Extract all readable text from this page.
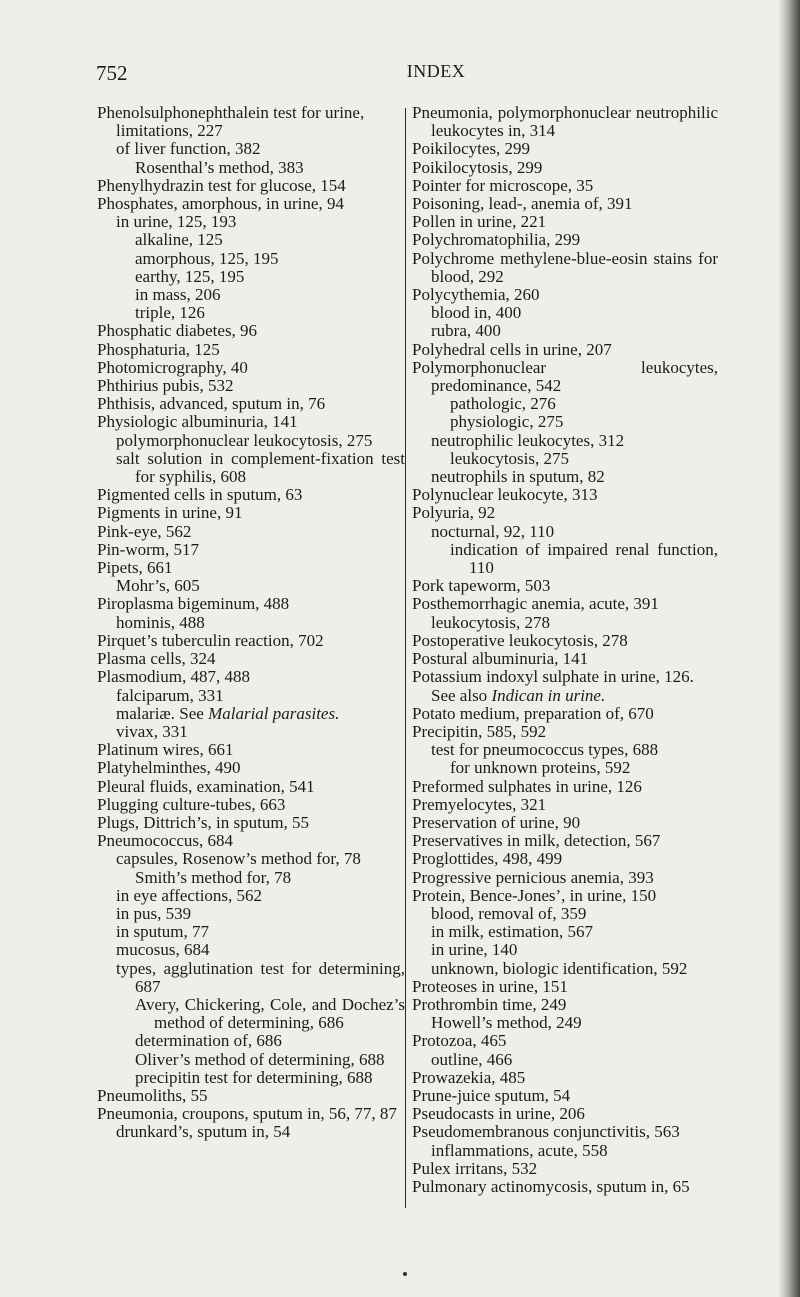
752	INDEX

Phenolsulphonephthalein test for urine,

limitations, 227

of liver function, 382

Rosenthal’s method, 383

Phenylhydrazin test for glucose, 154

Phosphates, amorphous, in urine, 94

in urine, 125, 193

alkaline, 125

amorphous, 125, 195

earthy, 125, 195

in mass, 206

triple, 126

Phosphatic diabetes, 96

Phosphaturia, 125

Photomicrography, 40

Phthirius pubis, 532

Phthisis, advanced, sputum in, 76

Physiologic albuminuria, 141

polymorphonuclear leukocytosis, 275

salt solution in complement-fixation test for syphilis, 608

Pigmented cells in sputum, 63

Pigments in urine, 91

Pink-eye, 562

Pin-worm, 517

Pipets, 661

Mohr’s, 605

Piroplasma bigeminum, 488

hominis, 488

Pirquet’s tuberculin reaction, 702

Plasma cells, 324

Plasmodium, 487, 488

falciparum, 331

malariæ. See Malarial parasites.

vivax, 331

Platinum wires, 661

Platyhelminthes, 490

Pleural fluids, examination, 541

Plugging culture-tubes, 663

Plugs, Dittrich’s, in sputum, 55

Pneumococcus, 684

capsules, Rosenow’s method for, 78

Smith’s method for, 78

in eye affections, 562

in pus, 539

in sputum, 77

mucosus, 684

types, agglutination test for determining, 687

Avery, Chickering, Cole, and Dochez’s method of determining, 686

determination of, 686

Oliver’s method of determining, 688

precipitin test for determining, 688

Pneumoliths, 55

Pneumonia, croupons, sputum in, 56, 77, 87

drunkard’s, sputum in, 54

Pneumonia, polymorphonuclear neutrophilic leukocytes in, 314

Poikilocytes, 299

Poikilocytosis, 299

Pointer for microscope, 35

Poisoning, lead-, anemia of, 391

Pollen in urine, 221

Polychromatophilia, 299

Polychrome methylene-blue-eosin stains for blood, 292

Polycythemia, 260

blood in, 400

rubra, 400

Polyhedral cells in urine, 207

Polymorphonuclear leukocytes, predominance, 542

pathologic, 276

physiologic, 275

neutrophilic leukocytes, 312

leukocytosis, 275

neutrophils in sputum, 82

Polynuclear leukocyte, 313

Polyuria, 92

nocturnal, 92, 110

indication of impaired renal function, 110

Pork tapeworm, 503

Posthemorrhagic anemia, acute, 391

leukocytosis, 278

Postoperative leukocytosis, 278

Postural albuminuria, 141

Potassium indoxyl sulphate in urine, 126.

See also Indican in urine.

Potato medium, preparation of, 670

Precipitin, 585, 592

test for pneumococcus types, 688

for unknown proteins, 592

Preformed sulphates in urine, 126

Premyelocytes, 321

Preservation of urine, 90

Preservatives in milk, detection, 567

Proglottides, 498, 499

Progressive pernicious anemia, 393

Protein, Bence-Jones’, in urine, 150

blood, removal of, 359

in milk, estimation, 567

in urine, 140

unknown, biologic identification, 592

Proteoses in urine, 151

Prothrombin time, 249

Howell’s method, 249

Protozoa, 465

outline, 466

Prowazekia, 485

Prune-juice sputum, 54

Pseudocasts in urine, 206

Pseudomembranous conjunctivitis, 563

inflammations, acute, 558

Pulex irritans, 532

Pulmonary actinomycosis, sputum in, 65
